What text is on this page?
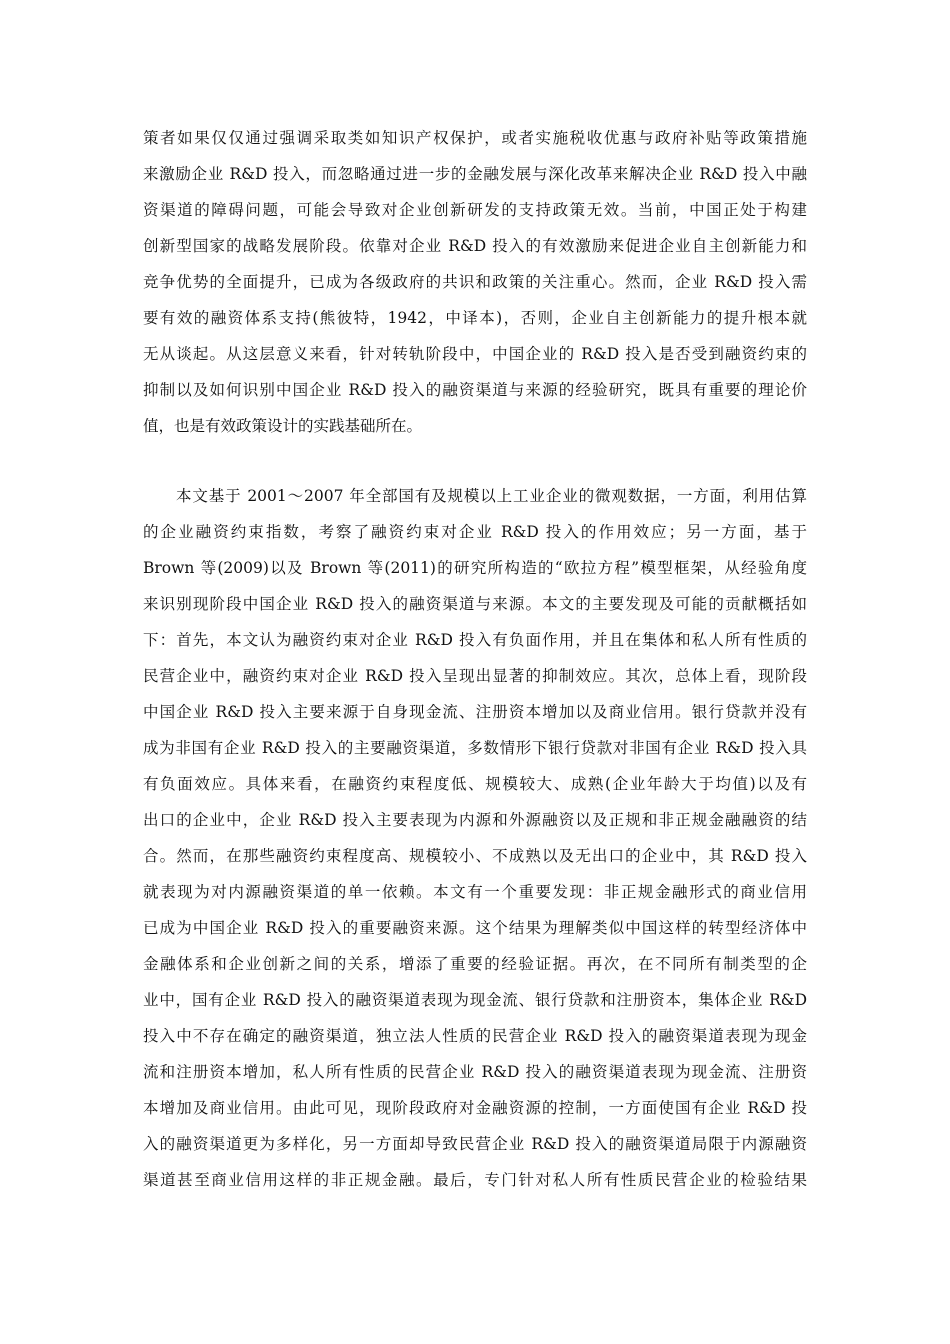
策者如果仅仅通过强调采取类如知识产权保护，或者实施税收优惠与政府补贴等政策措施
来激励企业 R&D 投入，而忽略通过进一步的金融发展与深化改革来解决企业 R&D 投入中融
资渠道的障碍问题，可能会导致对企业创新研发的支持政策无效。当前，中国正处于构建
创新型国家的战略发展阶段。依靠对企业 R&D 投入的有效激励来促进企业自主创新能力和
竞争优势的全面提升，已成为各级政府的共识和政策的关注重心。然而，企业 R&D 投入需
要有效的融资体系支持(熊彼特，1942，中译本)，否则，企业自主创新能力的提升根本就
无从谈起。从这层意义来看，针对转轨阶段中，中国企业的 R&D 投入是否受到融资约束的
抑制以及如何识别中国企业 R&D 投入的融资渠道与来源的经验研究，既具有重要的理论价
值，也是有效政策设计的实践基础所在。
本文基于 2001～2007 年全部国有及规模以上工业企业的微观数据，一方面，利用估算
的企业融资约束指数，考察了融资约束对企业 R&D 投入的作用效应；另一方面，基于
Brown 等(2009)以及 Brown 等(2011)的研究所构造的“欧拉方程”模型框架，从经验角度
来识别现阶段中国企业 R&D 投入的融资渠道与来源。本文的主要发现及可能的贡献概括如
下：首先，本文认为融资约束对企业 R&D 投入有负面作用，并且在集体和私人所有性质的
民营企业中，融资约束对企业 R&D 投入呈现出显著的抑制效应。其次，总体上看，现阶段
中国企业 R&D 投入主要来源于自身现金流、注册资本增加以及商业信用。银行贷款并没有
成为非国有企业 R&D 投入的主要融资渠道，多数情形下银行贷款对非国有企业 R&D 投入具
有负面效应。具体来看，在融资约束程度低、规模较大、成熟(企业年龄大于均值)以及有
出口的企业中，企业 R&D 投入主要表现为内源和外源融资以及正规和非正规金融融资的结
合。然而，在那些融资约束程度高、规模较小、不成熟以及无出口的企业中，其 R&D 投入
就表现为对内源融资渠道的单一依赖。本文有一个重要发现：非正规金融形式的商业信用
已成为中国企业 R&D 投入的重要融资来源。这个结果为理解类似中国这样的转型经济体中
金融体系和企业创新之间的关系，增添了重要的经验证据。再次，在不同所有制类型的企
业中，国有企业 R&D 投入的融资渠道表现为现金流、银行贷款和注册资本，集体企业 R&D
投入中不存在确定的融资渠道，独立法人性质的民营企业 R&D 投入的融资渠道表现为现金
流和注册资本增加，私人所有性质的民营企业 R&D 投入的融资渠道表现为现金流、注册资
本增加及商业信用。由此可见，现阶段政府对金融资源的控制，一方面使国有企业 R&D 投
入的融资渠道更为多样化，另一方面却导致民营企业 R&D 投入的融资渠道局限于内源融资
渠道甚至商业信用这样的非正规金融。最后，专门针对私人所有性质民营企业的检验结果
